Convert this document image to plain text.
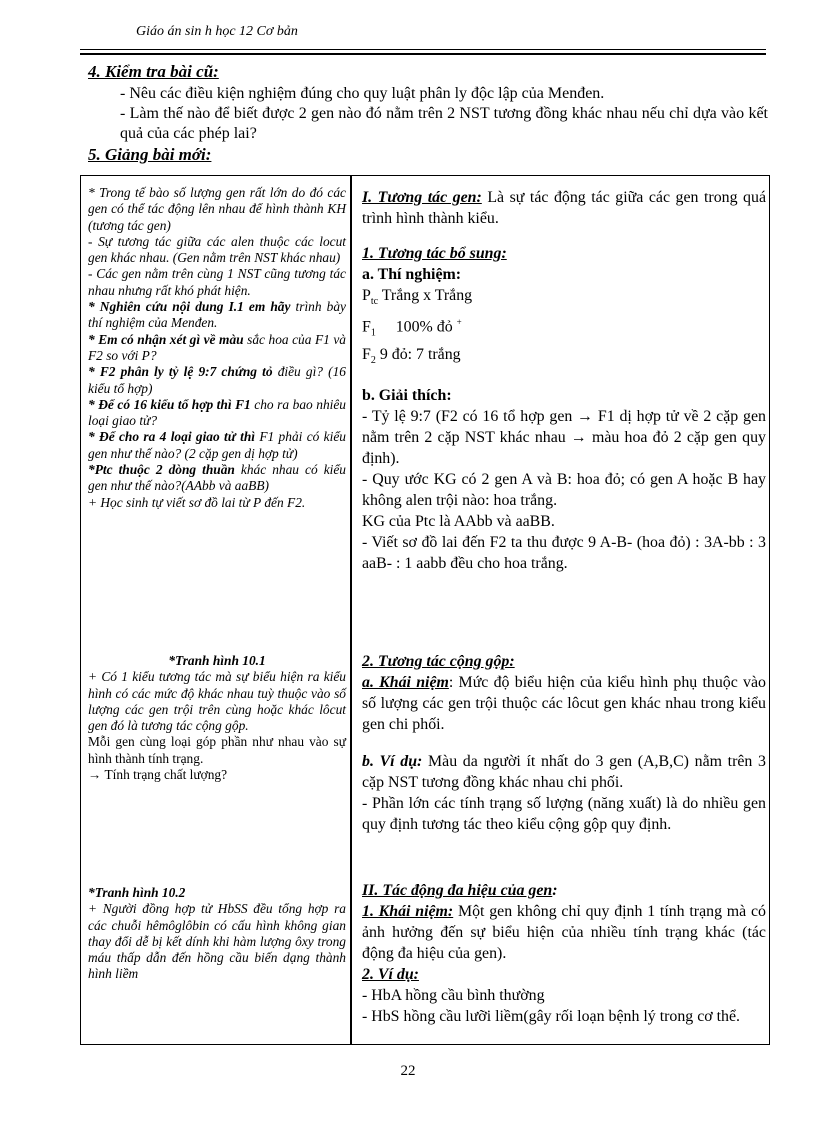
Giáo án sin h học 12 Cơ bản
4. Kiểm tra bài cũ:
- Nêu các điều kiện nghiệm đúng cho quy luật phân ly độc lập của Menđen.
- Làm thế nào để biết được 2 gen nào đó nằm trên 2 NST tương đồng khác nhau nếu chỉ dựa vào kết quả của các phép lai?
5. Giảng bài mới:

* Trong tế bào số lượng gen rất lớn do đó các gen có thể tác động lên nhau để hình thành KH (tương tác gen)

- Sự tương tác giữa các alen thuộc các locut gen khác nhau. (Gen nằm trên NST khác nhau)

- Các gen nằm trên cùng 1 NST cũng tương tác nhau nhưng rất khó phát hiện.

* Nghiên cứu nội dung I.1 em hãy trình bày thí nghiệm của Menđen.

* Em có nhận xét gì về màu sắc hoa của F1 và F2 so với P?

* F2 phân ly tỷ lệ 9:7 chứng tỏ điều gì? (16 kiểu tổ hợp)

* Để có 16 kiểu tổ hợp thì F1 cho ra bao nhiêu loại giao tử?

* Để cho ra 4 loại giao tử thì F1 phải có kiểu gen như thế nào? (2 cặp gen dị hợp tử)

*Ptc thuộc 2 dòng thuần khác nhau có kiểu gen như thế nào?(AAbb và aaBB)

+ Học sinh tự viết sơ đồ lai từ P đến F2.

*Tranh hình 10.1

+ Có 1 kiểu tương tác mà sự biểu hiện ra kiểu hình có các mức độ khác nhau tuỳ thuộc vào số lượng các gen trội trên cùng hoặc khác lôcut gen đó là tương tác cộng gộp.

Mỗi gen cùng loại góp phần như nhau vào sự hình thành tính trạng.

→ Tính trạng chất lượng?

*Tranh hình 10.2

+ Người đồng hợp tử HbSS đều tổng hợp ra các chuỗi hêmôglôbin có cấu hình không gian thay đổi dễ bị kết dính khi hàm lượng ôxy trong máu thấp dẫn đến hồng cầu biến dạng thành hình liềm

I. Tương tác gen: Là sự tác động tác giữa các gen trong quá trình hình thành kiểu.

1. Tương tác bổ sung:

a. Thí nghiệm:

$P_{tc}$ Trắng x Trắng

$F_1$ 100% đỏ +

$F_2$ 9 đỏ: 7 trắng

b. Giải thích:

- Tỷ lệ 9:7 (F2 có 16 tổ hợp gen → F1 dị hợp tử về 2 cặp gen nằm trên 2 cặp NST khác nhau → màu hoa đỏ 2 cặp gen quy định).

- Quy ước KG có 2 gen A và B: hoa đỏ; có gen A hoặc B hay không alen trội nào: hoa trắng.

KG của Ptc là AAbb và aaBB.

- Viết sơ đồ lai đến F2 ta thu được 9 A-B- (hoa đỏ) : 3A-bb : 3 aaB- : 1 aabb đều cho hoa trắng.

2. Tương tác cộng gộp:

a. Khái niệm: Mức độ biểu hiện của kiểu hình phụ thuộc vào số lượng các gen trội thuộc các lôcut gen khác nhau trong kiểu gen chi phối.

b. Ví dụ: Màu da người ít nhất do 3 gen (A,B,C) nằm trên 3 cặp NST tương đồng khác nhau chi phối.

- Phần lớn các tính trạng số lượng (năng xuất) là do nhiều gen quy định tương tác theo kiểu cộng gộp quy định.

II. Tác động đa hiệu của gen:

1. Khái niệm: Một gen không chỉ quy định 1 tính trạng mà có ảnh hưởng đến sự biểu hiện của nhiều tính trạng khác (tác động đa hiệu của gen).

2. Ví dụ:

- HbA hồng cầu bình thường

- HbS hồng cầu lưỡi liềm(gây rối loạn bệnh lý trong cơ thể.

22
